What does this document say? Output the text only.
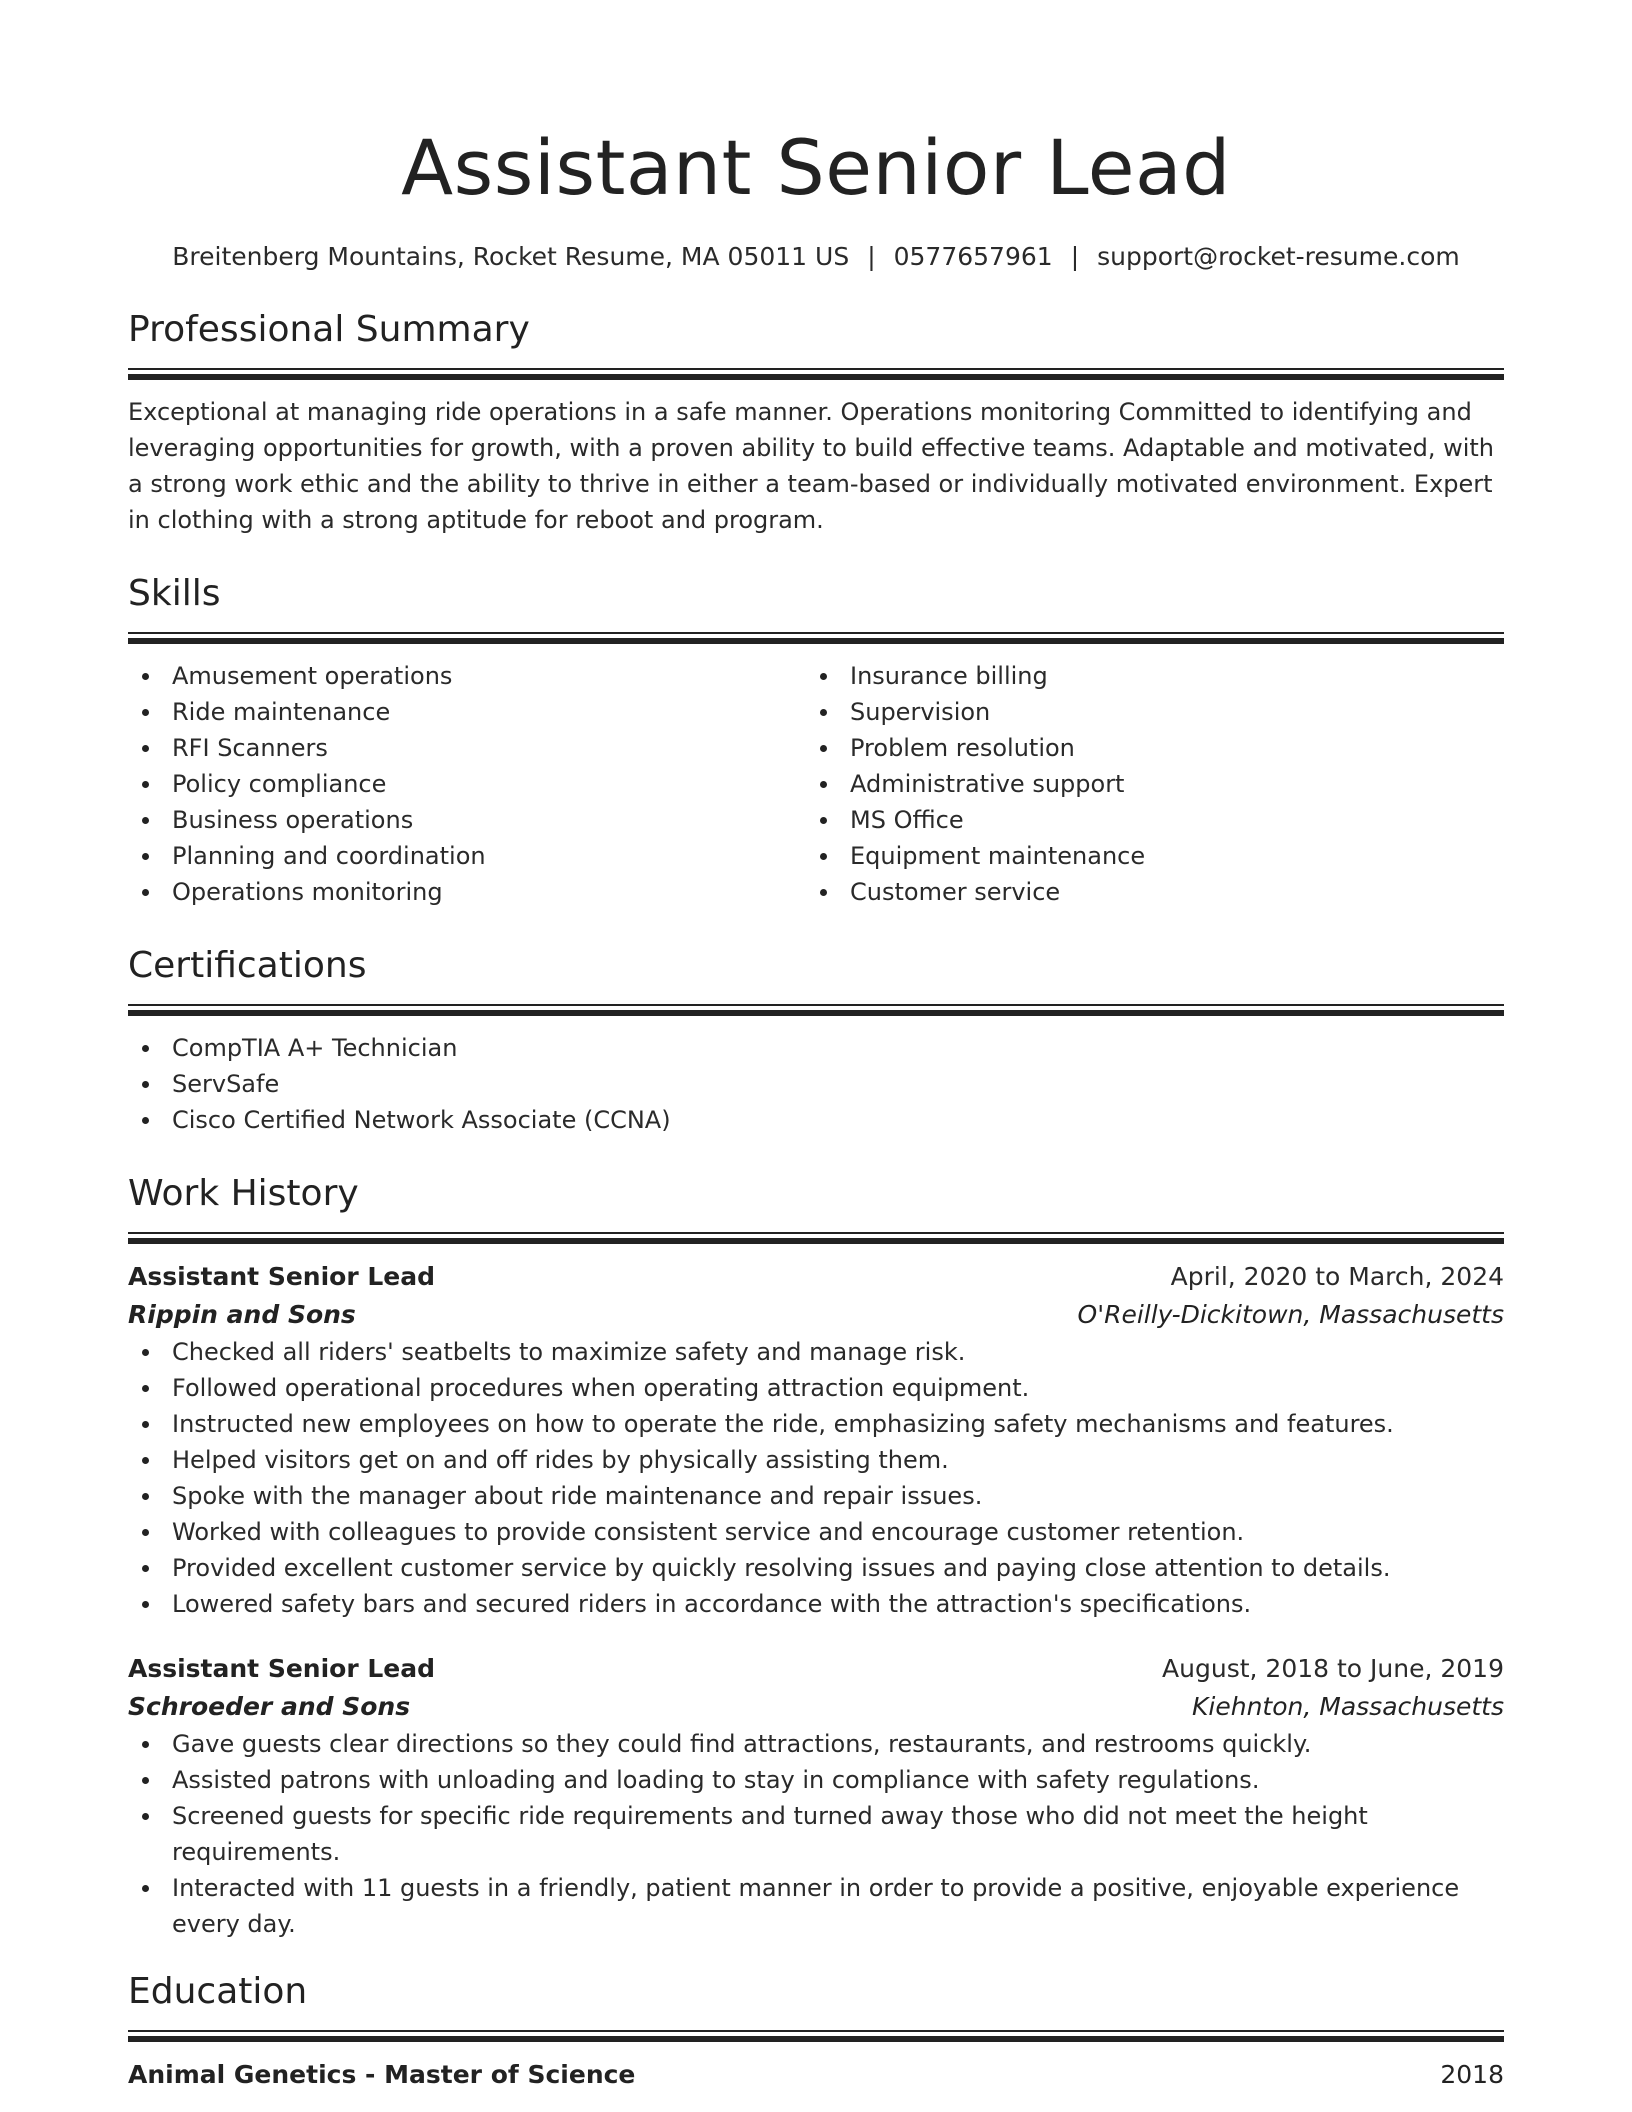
Assistant Senior Lead
Breitenberg Mountains, Rocket Resume, MA 05011 US | 0577657961 | support@rocket-resume.com
Professional Summary

Exceptional at managing ride operations in a safe manner. Operations monitoring Committed to identifying and leveraging opportunities for growth, with a proven ability to build effective teams. Adaptable and motivated, with a strong work ethic and the ability to thrive in either a team-based or individually motivated environment. Expert in clothing with a strong aptitude for reboot and program.

Skills
Amusement operations
Ride maintenance
RFI Scanners
Policy compliance
Business operations
Planning and coordination
Operations monitoring
Insurance billing
Supervision
Problem resolution
Administrative support
MS Office
Equipment maintenance
Customer service
Certifications
CompTIA A+ Technician
ServSafe
Cisco Certified Network Associate (CCNA)
Work History
Assistant Senior Lead	April, 2020 to March, 2024
Rippin and Sons	O'Reilly-Dickitown, Massachusetts
Checked all riders' seatbelts to maximize safety and manage risk.
Followed operational procedures when operating attraction equipment.
Instructed new employees on how to operate the ride, emphasizing safety mechanisms and features.
Helped visitors get on and off rides by physically assisting them.
Spoke with the manager about ride maintenance and repair issues.
Worked with colleagues to provide consistent service and encourage customer retention.
Provided excellent customer service by quickly resolving issues and paying close attention to details.
Lowered safety bars and secured riders in accordance with the attraction's specifications.
Assistant Senior Lead	August, 2018 to June, 2019
Schroeder and Sons	Kiehnton, Massachusetts
Gave guests clear directions so they could find attractions, restaurants, and restrooms quickly.
Assisted patrons with unloading and loading to stay in compliance with safety regulations.
Screened guests for specific ride requirements and turned away those who did not meet the height requirements.
Interacted with 11 guests in a friendly, patient manner in order to provide a positive, enjoyable experience every day.
Education
Animal Genetics - Master of Science	2018
